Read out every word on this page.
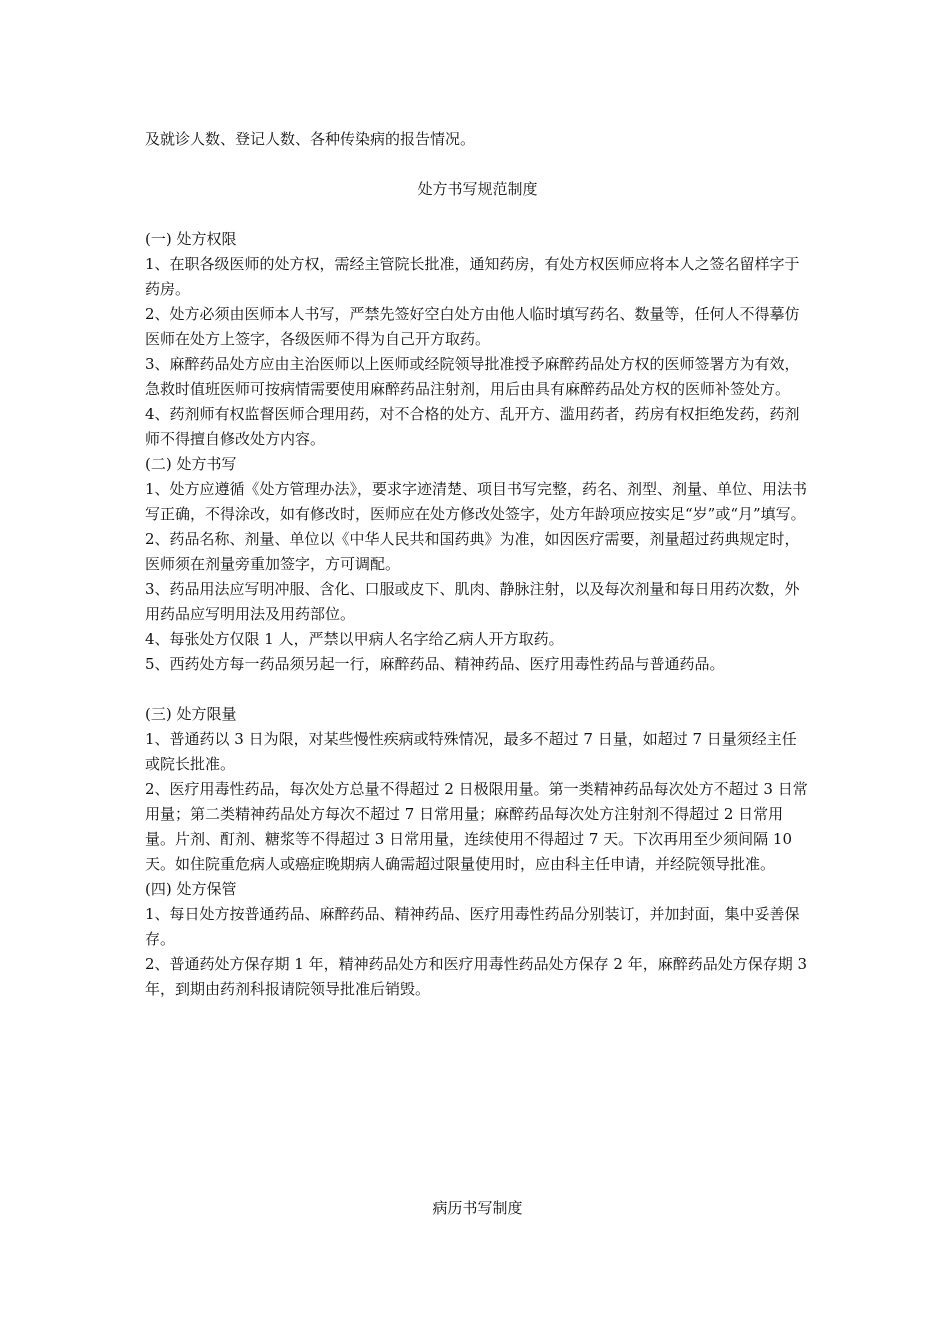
及就诊人数、登记人数、各种传染病的报告情况。

处方书写规范制度

(一) 处方权限

1、在职各级医师的处方权，需经主管院长批准，通知药房，有处方权医师应将本人之签名留样字于药房。

2、处方必须由医师本人书写，严禁先签好空白处方由他人临时填写药名、数量等，任何人不得摹仿医师在处方上签字，各级医师不得为自己开方取药。

3、麻醉药品处方应由主治医师以上医师或经院领导批准授予麻醉药品处方权的医师签署方为有效，急救时值班医师可按病情需要使用麻醉药品注射剂，用后由具有麻醉药品处方权的医师补签处方。

4、药剂师有权监督医师合理用药，对不合格的处方、乱开方、滥用药者，药房有权拒绝发药，药剂师不得擅自修改处方内容。

(二) 处方书写

1、处方应遵循《处方管理办法》，要求字迹清楚、项目书写完整，药名、剂型、剂量、单位、用法书写正确，不得涂改，如有修改时，医师应在处方修改处签字，处方年龄项应按实足“岁”或“月”填写。

2、药品名称、剂量、单位以《中华人民共和国药典》为准，如因医疗需要，剂量超过药典规定时，医师须在剂量旁重加签字，方可调配。

3、药品用法应写明冲服、含化、口服或皮下、肌肉、静脉注射，以及每次剂量和每日用药次数，外用药品应写明用法及用药部位。

4、每张处方仅限 1 人，严禁以甲病人名字给乙病人开方取药。

5、西药处方每一药品须另起一行，麻醉药品、精神药品、医疗用毒性药品与普通药品。

(三) 处方限量

1、普通药以 3 日为限，对某些慢性疾病或特殊情况，最多不超过 7 日量，如超过 7 日量须经主任或院长批准。

2、医疗用毒性药品，每次处方总量不得超过 2 日极限用量。第一类精神药品每次处方不超过 3 日常用量；第二类精神药品处方每次不超过 7 日常用量；麻醉药品每次处方注射剂不得超过 2 日常用量。片剂、酊剂、糖浆等不得超过 3 日常用量，连续使用不得超过 7 天。下次再用至少须间隔 10 天。如住院重危病人或癌症晚期病人确需超过限量使用时，应由科主任申请，并经院领导批准。

(四) 处方保管

1、每日处方按普通药品、麻醉药品、精神药品、医疗用毒性药品分别装订，并加封面，集中妥善保存。

2、普通药处方保存期 1 年，精神药品处方和医疗用毒性药品处方保存 2 年，麻醉药品处方保存期 3 年，到期由药剂科报请院领导批准后销毁。

病历书写制度
